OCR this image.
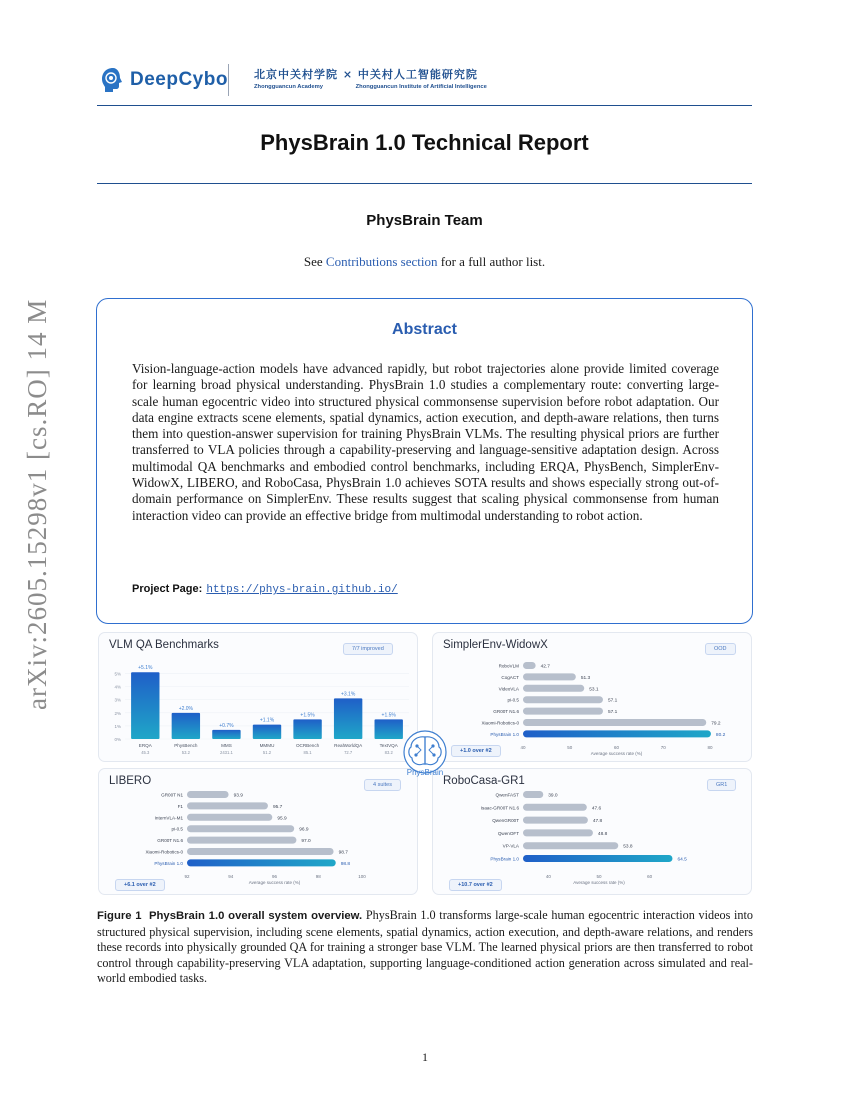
arXiv:2605.15298v1 [cs.RO] 14 May 2026
DeepCybo 北京中关村学院 × 中关村人工智能研究院
Zhongguancun Academy	Zhongguancun Institute of Artificial Intelligence
PhysBrain 1.0 Technical Report
PhysBrain Team
See Contributions section for a full author list.
Abstract
Vision-language-action models have advanced rapidly, but robot trajectories alone provide limited coverage for learning broad physical understanding. PhysBrain 1.0 studies a complementary route: converting large-scale human egocentric video into structured physical commonsense supervision before robot adaptation. Our data engine extracts scene elements, spatial dynamics, action execution, and depth-aware relations, then turns them into question-answer supervision for training PhysBrain VLMs. The resulting physical priors are further transferred to VLA policies through a capability-preserving and language-sensitive adaptation design. Across multimodal QA benchmarks and embodied control benchmarks, including ERQA, PhysBench, SimplerEnv-WidowX, LIBERO, and RoboCasa, PhysBrain 1.0 achieves SOTA results and shows especially strong out-of-domain performance on SimplerEnv. These results suggest that scaling physical commonsense from human interaction video can provide an effective bridge from multimodal understanding to robot action.
Project Page: https://phys-brain.github.io/
VLM QA Benchmarks	7/7 improved
0%
1%
2%
3%
4%
5%
+5.1%
ERQA
45.3
+2.0%
PhysBench
53.2
+0.7%
MMS
2431.1
+1.1%
MMMU
51.2
+1.5%
OCRBench
85.1
+3.1%
RealWorldQA
72.7
+1.5%
TextVQA
83.2
SimplerEnv-WidowX	OOD
40	50	60	70	80
Average success rate (%)
RoboVLM	42.7
CogACT	51.3
VideoVLA	53.1
pi-0.5	57.1
GR00T N1.6	57.1
Xiaomi-Robotics-0	79.2
PhysBrain 1.0	80.2
+1.0 over #2
LIBERO	4 suites
92	94	96	98	100
Average success rate (%)
GR00T N1	93.9
F1	95.7
InternVLA-M1	95.9
pi-0.5	96.9
GR00T N1.6	97.0
Xiaomi-Robotics-0	98.7
PhysBrain 1.0	98.8
+6.1 over #2
RoboCasa-GR1	GR1
40	50	60
Average success rate (%)
QwenFAST	39.0
Isaac-GR00T N1.6	47.6
QwenGR00T	47.8
QwenOFT	48.8
VP-VLA	53.8
PhysBrain 1.0	64.5
+10.7 over #2
PhysBrain
Figure 1 PhysBrain 1.0 overall system overview. PhysBrain 1.0 transforms large-scale human egocentric interaction videos into structured physical supervision, including scene elements, spatial dynamics, action execution, and depth-aware relations, and renders these records into physically grounded QA for training a stronger base VLM. The learned physical priors are then transferred to robot control through capability-preserving VLA adaptation, supporting language-conditioned action generation across simulated and real-world embodied tasks.
1
